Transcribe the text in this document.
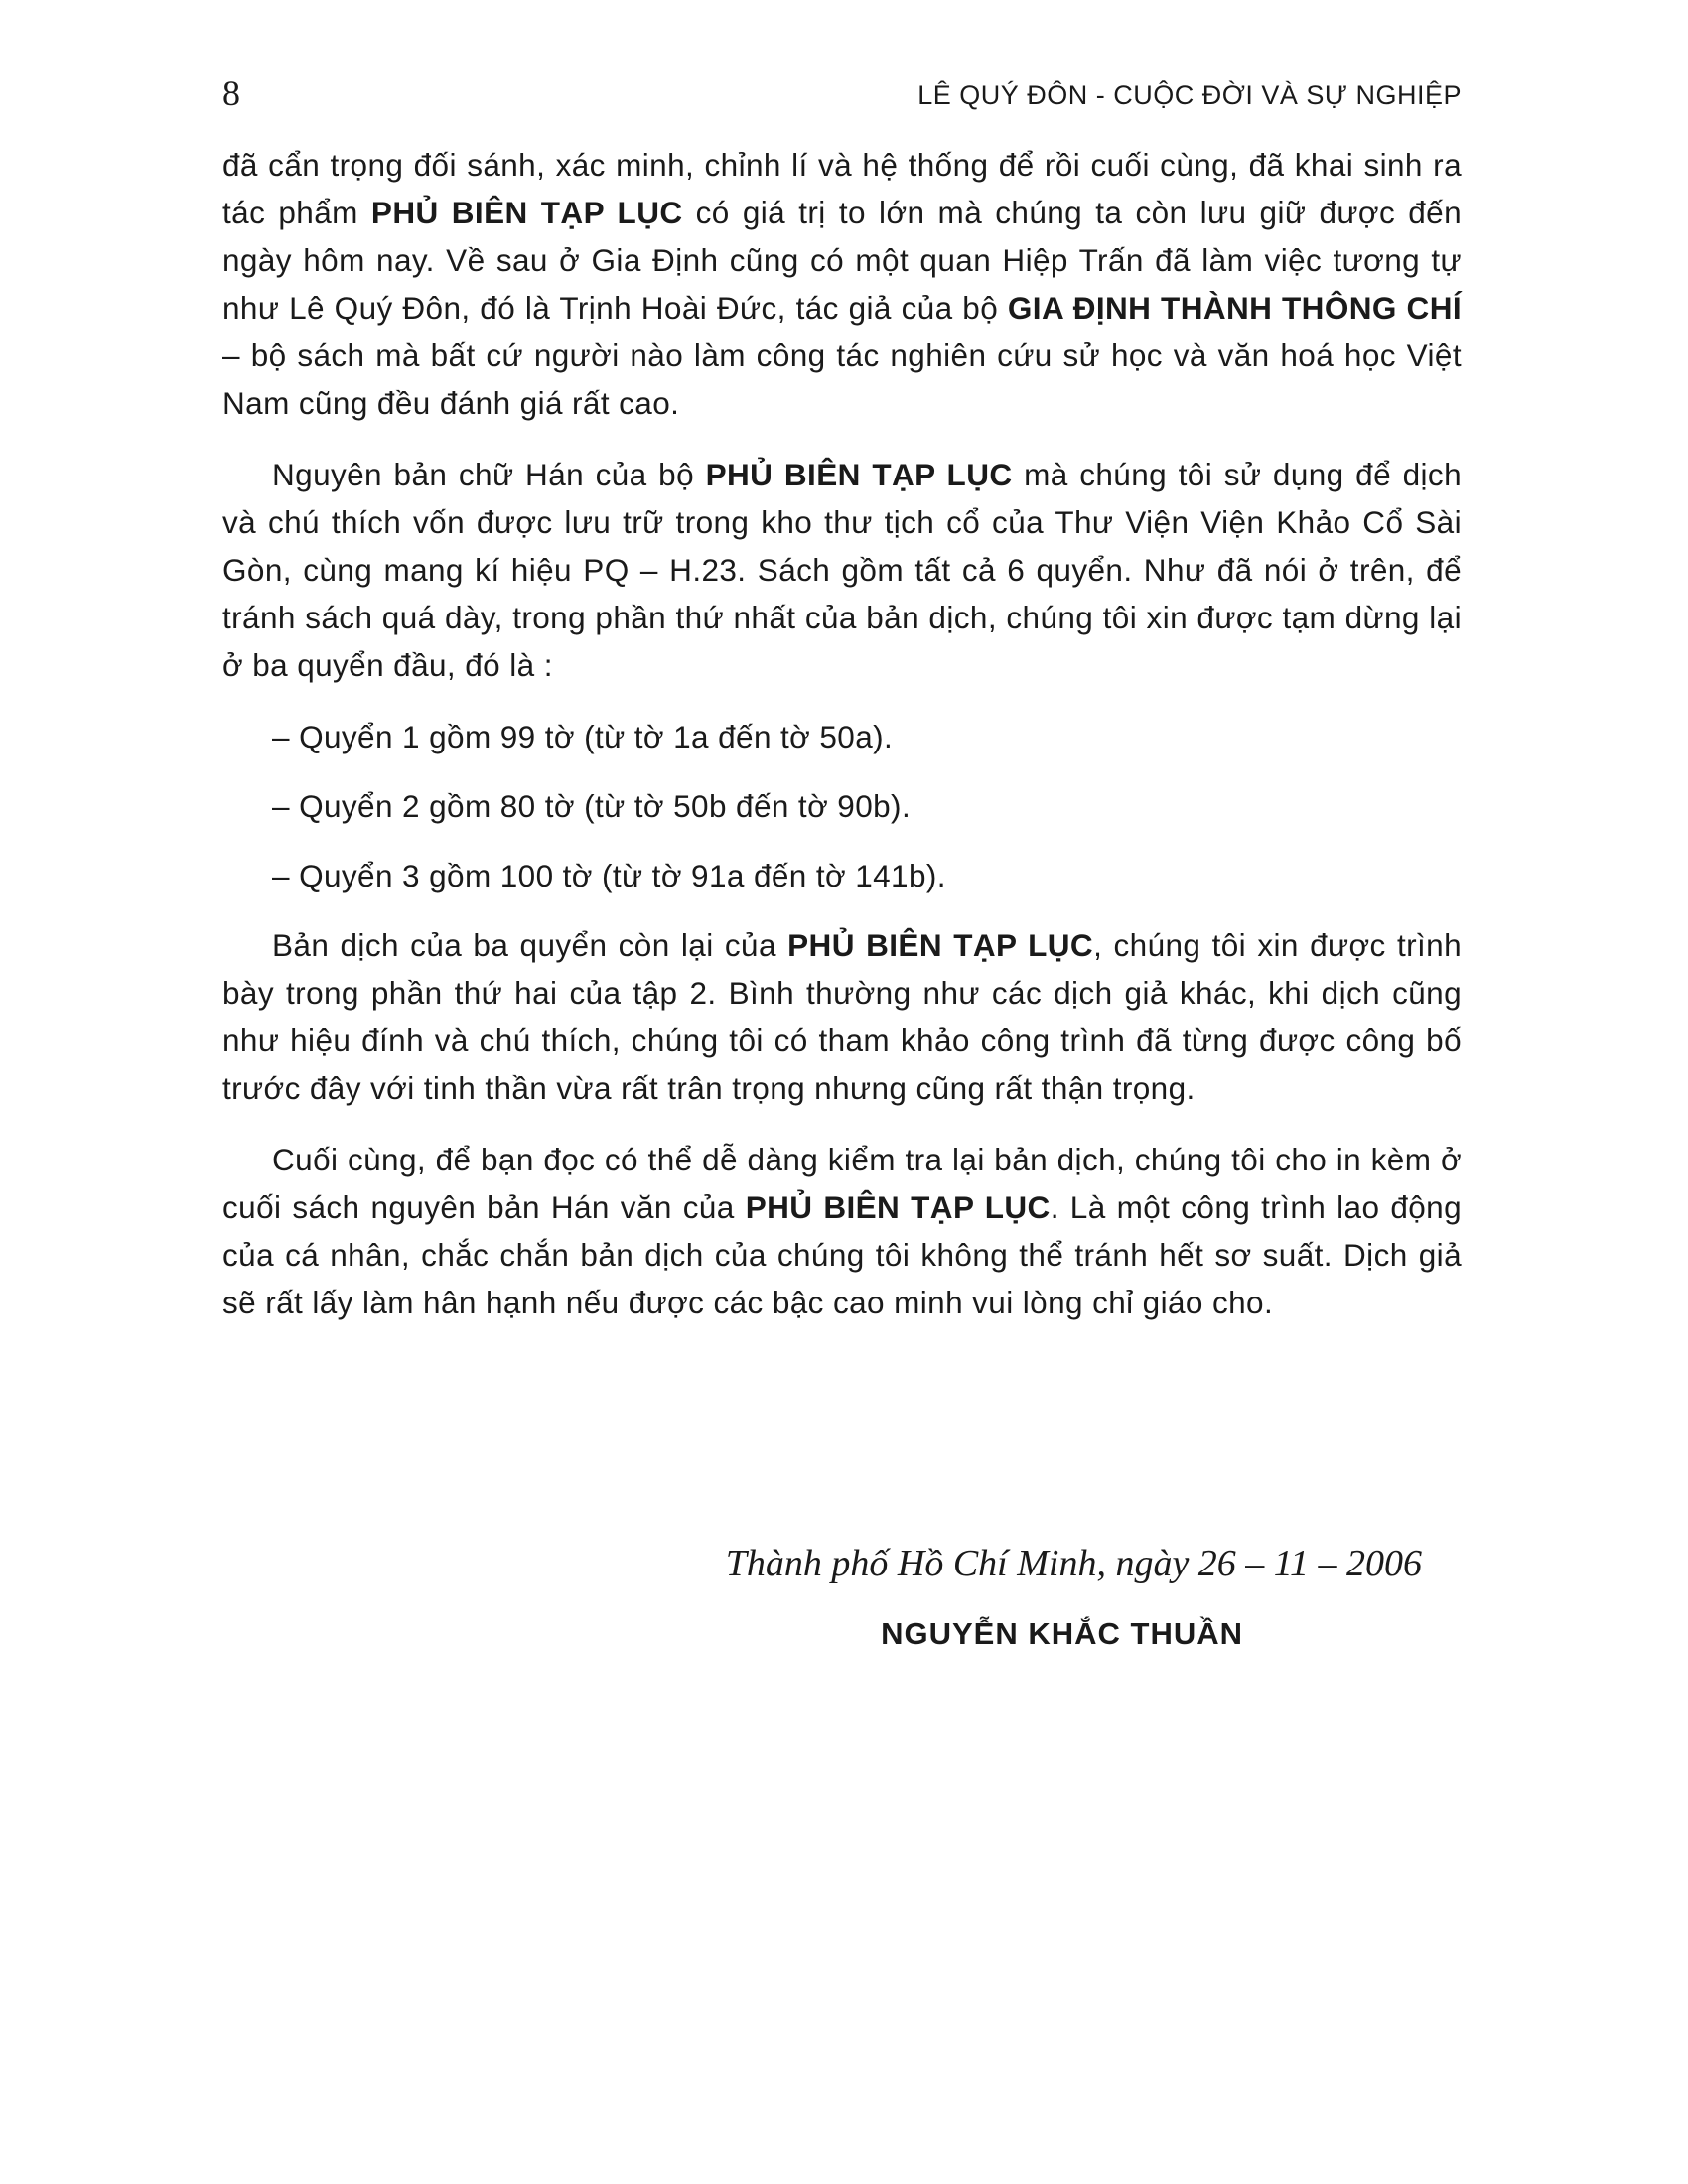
8	LÊ QUÝ ĐÔN - CUỘC ĐỜI VÀ SỰ NGHIỆP

đã cẩn trọng đối sánh, xác minh, chỉnh lí và hệ thống để rồi cuối cùng, đã khai sinh ra tác phẩm PHỦ BIÊN TẠP LỤC có giá trị to lớn mà chúng ta còn lưu giữ được đến ngày hôm nay. Về sau ở Gia Định cũng có một quan Hiệp Trấn đã làm việc tương tự như Lê Quý Đôn, đó là Trịnh Hoài Đức, tác giả của bộ GIA ĐỊNH THÀNH THÔNG CHÍ – bộ sách mà bất cứ người nào làm công tác nghiên cứu sử học và văn hoá học Việt Nam cũng đều đánh giá rất cao.

Nguyên bản chữ Hán của bộ PHỦ BIÊN TẠP LỤC mà chúng tôi sử dụng để dịch và chú thích vốn được lưu trữ trong kho thư tịch cổ của Thư Viện Viện Khảo Cổ Sài Gòn, cùng mang kí hiệu PQ – H.23. Sách gồm tất cả 6 quyển. Như đã nói ở trên, để tránh sách quá dày, trong phần thứ nhất của bản dịch, chúng tôi xin được tạm dừng lại ở ba quyển đầu, đó là :

– Quyển 1 gồm 99 tờ (từ tờ 1a đến tờ 50a).

– Quyển 2 gồm 80 tờ (từ tờ 50b đến tờ 90b).

– Quyển 3 gồm 100 tờ (từ tờ 91a đến tờ 141b).

Bản dịch của ba quyển còn lại của PHỦ BIÊN TẠP LỤC, chúng tôi xin được trình bày trong phần thứ hai của tập 2. Bình thường như các dịch giả khác, khi dịch cũng như hiệu đính và chú thích, chúng tôi có tham khảo công trình đã từng được công bố trước đây với tinh thần vừa rất trân trọng nhưng cũng rất thận trọng.

Cuối cùng, để bạn đọc có thể dễ dàng kiểm tra lại bản dịch, chúng tôi cho in kèm ở cuối sách nguyên bản Hán văn của PHỦ BIÊN TẠP LỤC. Là một công trình lao động của cá nhân, chắc chắn bản dịch của chúng tôi không thể tránh hết sơ suất. Dịch giả sẽ rất lấy làm hân hạnh nếu được các bậc cao minh vui lòng chỉ giáo cho.

Thành phố Hồ Chí Minh, ngày 26 – 11 – 2006
NGUYỄN KHẮC THUẦN
